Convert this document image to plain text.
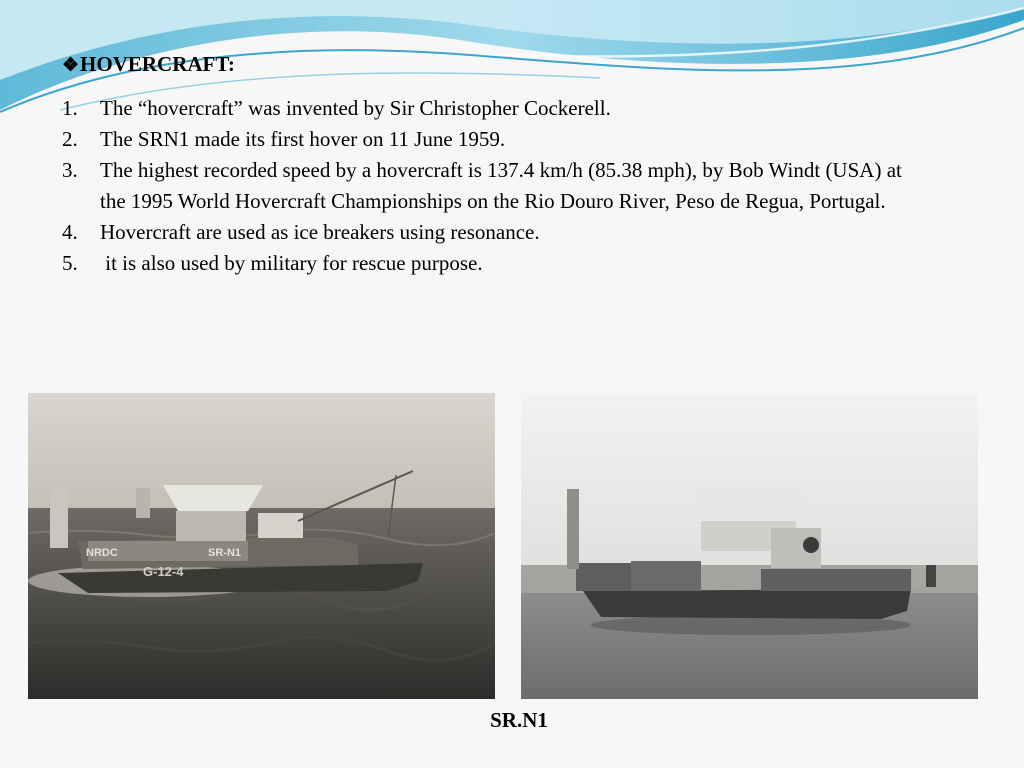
❖HOVERCRAFT:
1. The “hovercraft” was invented by Sir Christopher Cockerell.
2. The SRN1 made its first hover on 11 June 1959.
3. The highest recorded speed by a hovercraft is 137.4 km/h (85.38 mph), by Bob Windt (USA) at the 1995 World Hovercraft Championships on the Rio Douro River, Peso de Regua, Portugal.
4. Hovercraft are used as ice breakers using resonance.
5. it is also used by military for rescue purpose.
NRDC	SR-N1
G-12-4
SR.N1
